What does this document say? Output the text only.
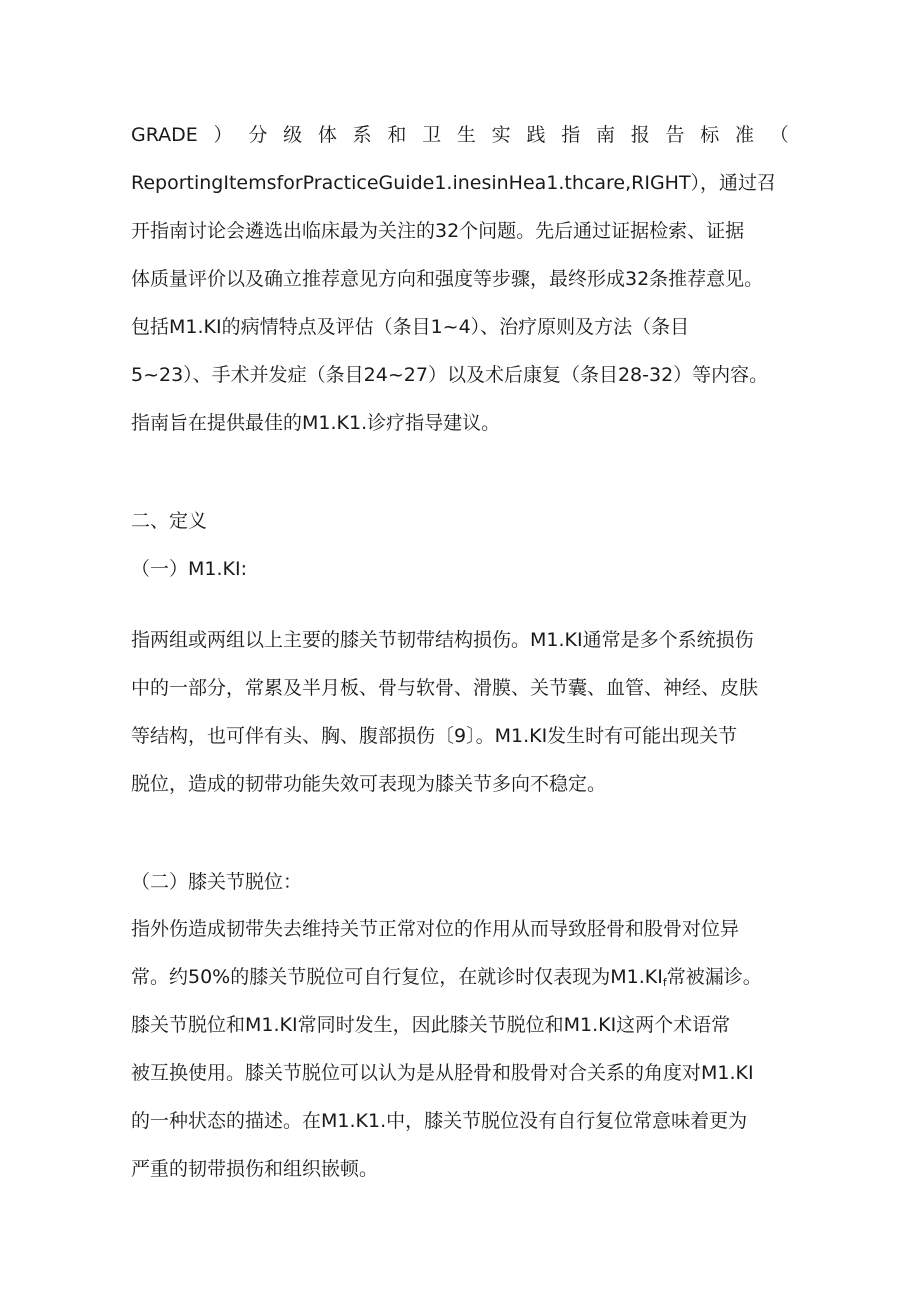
GRADE ） 分 级 体 系 和 卫 生 实 践 指 南 报 告 标 准 （
ReportingItemsforPracticeGuide1.inesinHea1.thcare,RIGHT），通过召
开指南讨论会遴选出临床最为关注的32个问题。先后通过证据检索、证据
体质量评价以及确立推荐意见方向和强度等步骤，最终形成32条推荐意见。
包括M1.KI的病情特点及评估（条目1~4）、治疗原则及方法（条目
5~23）、手术并发症（条目24~27）以及术后康复（条目28-32）等内容。
指南旨在提供最佳的M1.K1.诊疗指导建议。
二、定义
（一）M1.KI:
指两组或两组以上主要的膝关节韧带结构损伤。M1.KI通常是多个系统损伤
中的一部分，常累及半月板、骨与软骨、滑膜、关节囊、血管、神经、皮肤
等结构，也可伴有头、胸、腹部损伤〔9〕。M1.KI发生时有可能出现关节
脱位，造成的韧带功能失效可表现为膝关节多向不稳定。
（二）膝关节脱位：
指外伤造成韧带失去维持关节正常对位的作用从而导致胫骨和股骨对位异
常。约50%的膝关节脱位可自行复位，在就诊时仅表现为$M1.KI_f$常被漏诊。
膝关节脱位和M1.KI常同时发生，因此膝关节脱位和M1.KI这两个术语常
被互换使用。膝关节脱位可以认为是从胫骨和股骨对合关系的角度对M1.KI
的一种状态的描述。在M1.K1.中，膝关节脱位没有自行复位常意味着更为
严重的韧带损伤和组织嵌顿。
